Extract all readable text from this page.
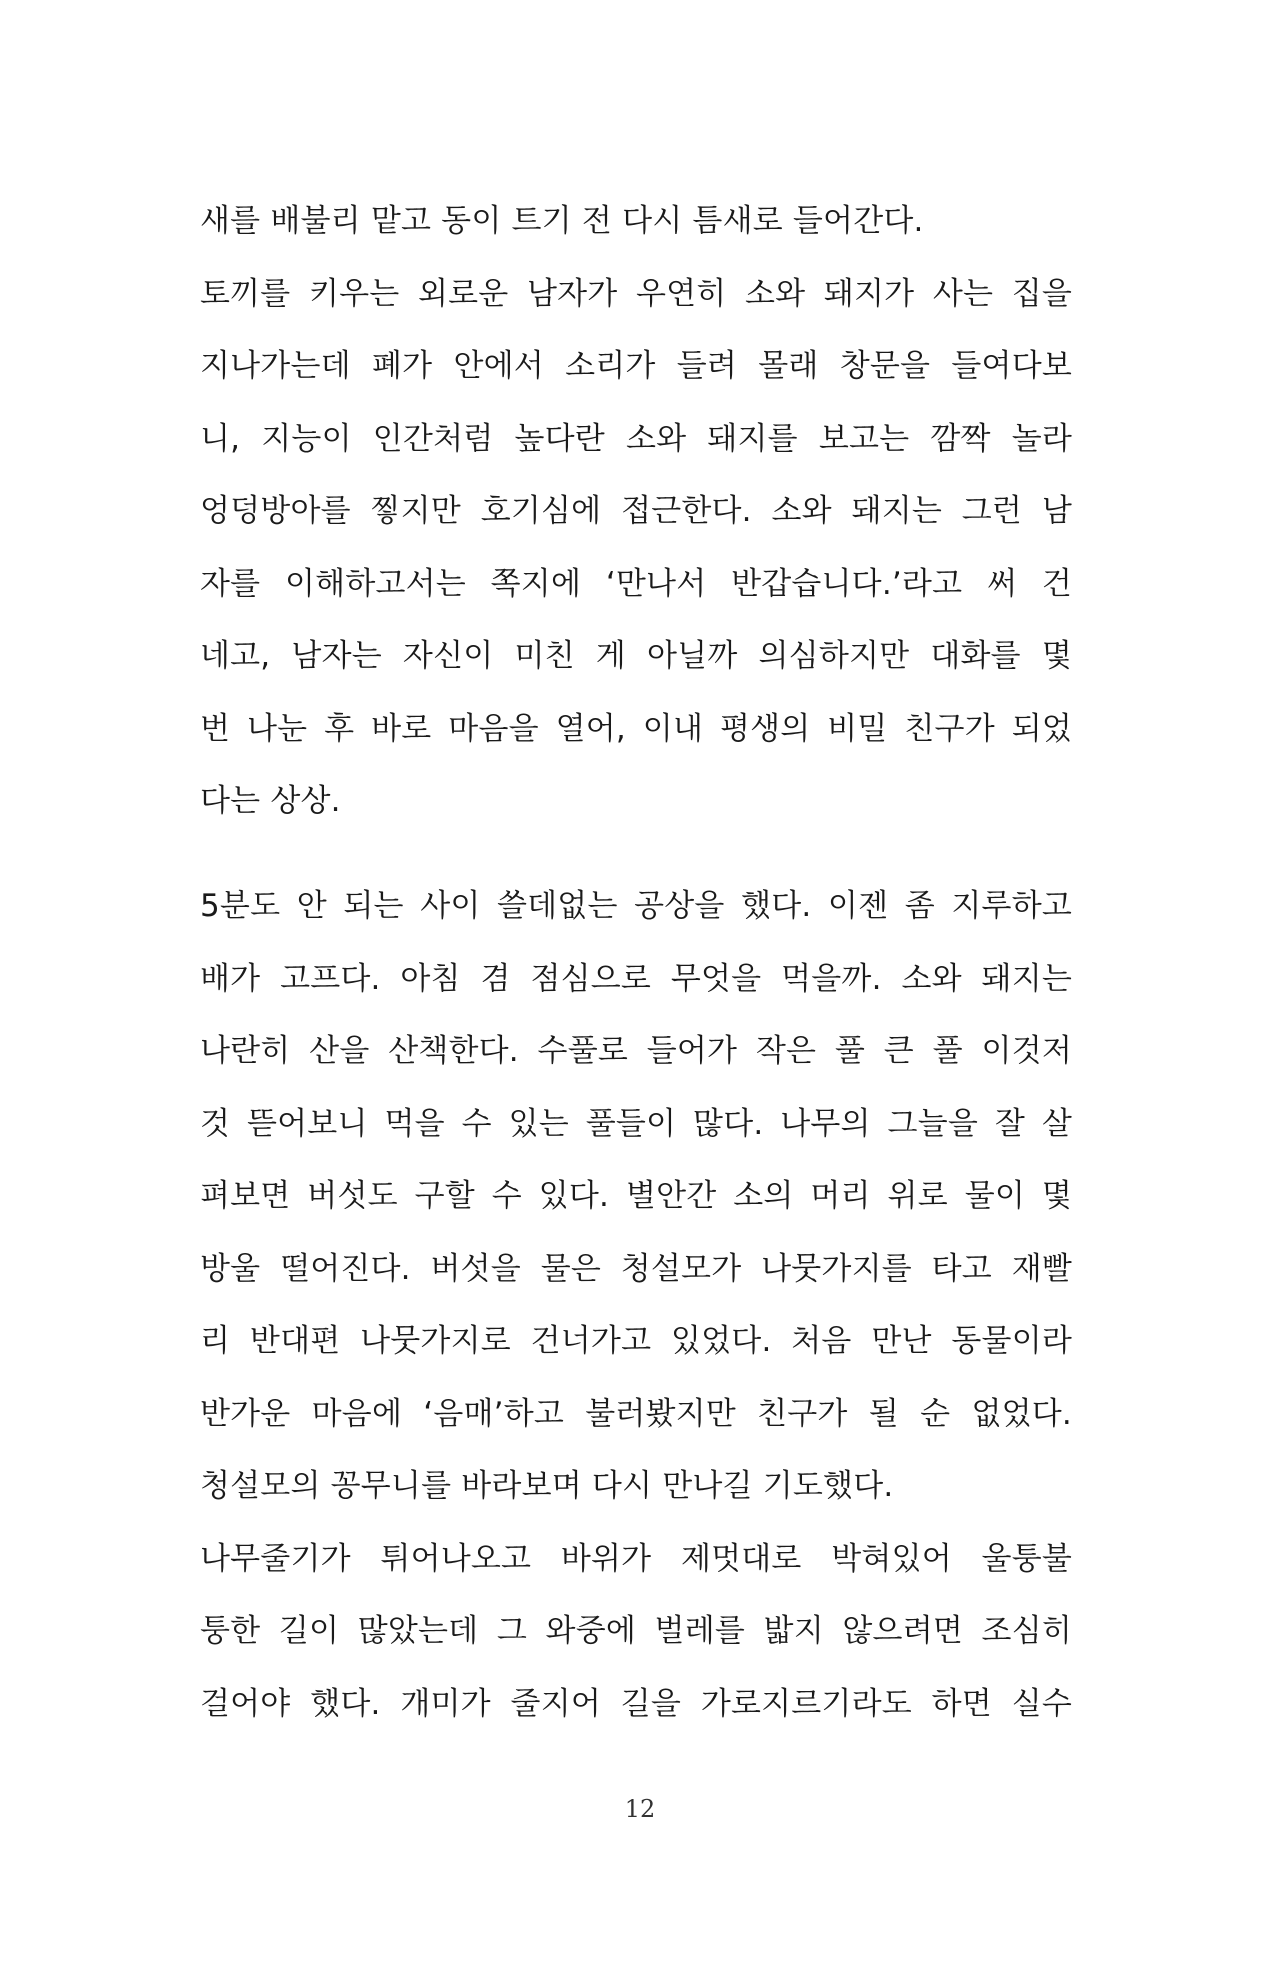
새를 배불리 맡고 동이 트기 전 다시 틈새로 들어간다.
토끼를 키우는 외로운 남자가 우연히 소와 돼지가 사는 집을
지나가는데 폐가 안에서 소리가 들려 몰래 창문을 들여다보
니, 지능이 인간처럼 높다란 소와 돼지를 보고는 깜짝 놀라
엉덩방아를 찧지만 호기심에 접근한다. 소와 돼지는 그런 남
자를 이해하고서는 쪽지에 ‘만나서 반갑습니다.’라고 써 건
네고, 남자는 자신이 미친 게 아닐까 의심하지만 대화를 몇
번 나눈 후 바로 마음을 열어, 이내 평생의 비밀 친구가 되었
다는 상상.
5분도 안 되는 사이 쓸데없는 공상을 했다. 이젠 좀 지루하고
배가 고프다. 아침 겸 점심으로 무엇을 먹을까. 소와 돼지는
나란히 산을 산책한다. 수풀로 들어가 작은 풀 큰 풀 이것저
것 뜯어보니 먹을 수 있는 풀들이 많다. 나무의 그늘을 잘 살
펴보면 버섯도 구할 수 있다. 별안간 소의 머리 위로 물이 몇
방울 떨어진다. 버섯을 물은 청설모가 나뭇가지를 타고 재빨
리 반대편 나뭇가지로 건너가고 있었다. 처음 만난 동물이라
반가운 마음에 ‘음매’하고 불러봤지만 친구가 될 순 없었다.
청설모의 꽁무니를 바라보며 다시 만나길 기도했다.
나무줄기가 튀어나오고 바위가 제멋대로 박혀있어 울퉁불
퉁한 길이 많았는데 그 와중에 벌레를 밟지 않으려면 조심히
걸어야 했다. 개미가 줄지어 길을 가로지르기라도 하면 실수
12
